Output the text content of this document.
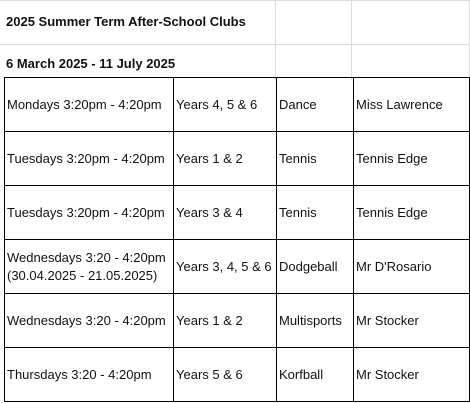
2025 Summer Term After-School Clubs
6 March 2025 - 11 July 2025
Mondays 3:20pm - 4:20pm	Years 4, 5 & 6	Dance	Miss Lawrence

Tuesdays 3:20pm - 4:20pm	Years 1 & 2	Tennis	Tennis Edge

Tuesdays 3:20pm - 4:20pm	Years 3 & 4	Tennis	Tennis Edge

Wednesdays 3:20 - 4:20pm
(30.04.2025 - 21.05.2025)	Years 3, 4, 5 & 6	Dodgeball	Mr D'Rosario

Wednesdays 3:20 - 4:20pm	Years 1 & 2	Multisports	Mr Stocker

Thursdays 3:20 - 4:20pm	Years 5 & 6	Korfball	Mr Stocker
